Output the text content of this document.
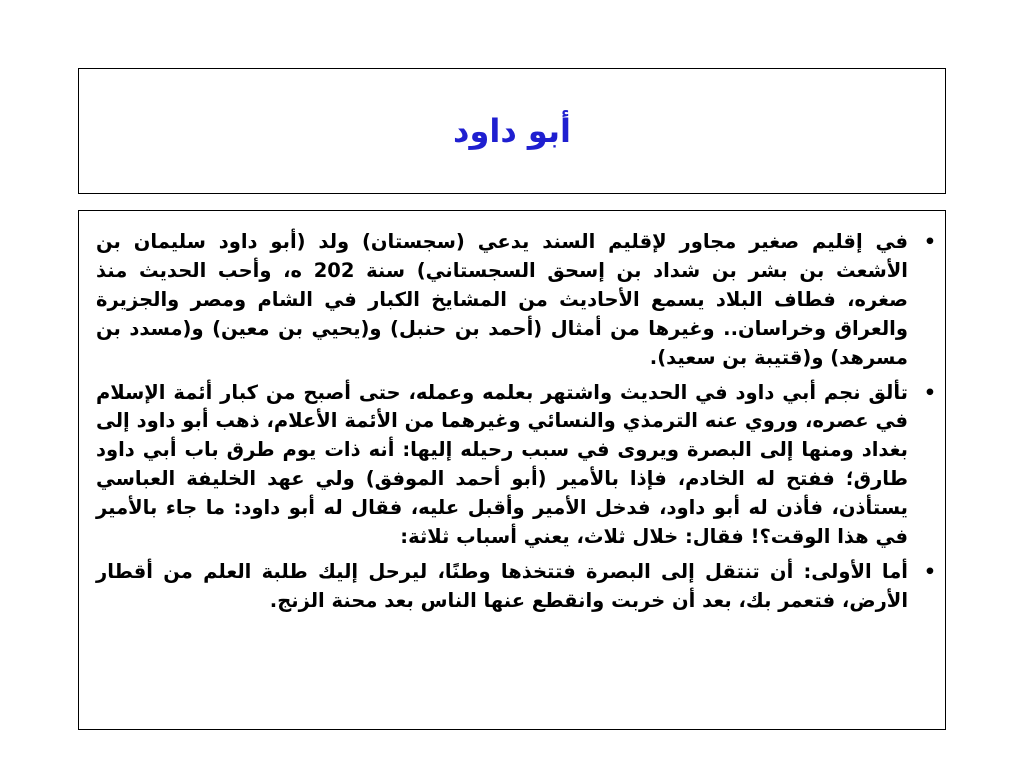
أبو داود
•
في إقليم صغير مجاور لإقليم السند يدعي (سجستان) ولد (أبو داود سليمان بن الأشعث بن بشر بن شداد بن إسحق السجستاني) سنة 202 ه، وأحب الحديث منذ صغره، فطاف البلاد يسمع الأحاديث من المشايخ الكبار في الشام ومصر والجزيرة والعراق وخراسان.. وغيرها من أمثال (أحمد بن حنبل) و(يحيي بن معين) و(مسدد بن مسرهد) و(قتيبة بن سعيد).
•
تألق نجم أبي داود في الحديث واشتهر بعلمه وعمله، حتى أصبح من كبار أئمة الإسلام في عصره، وروي عنه الترمذي والنسائي وغيرهما من الأئمة الأعلام، ذهب أبو داود إلى بغداد ومنها إلى البصرة ويروى في سبب رحيله إليها: أنه ذات يوم طرق باب أبي داود طارق؛ ففتح له الخادم، فإذا بالأمير (أبو أحمد الموفق) ولي عهد الخليفة العباسي يستأذن، فأذن له أبو داود، فدخل الأمير وأقبل عليه، فقال له أبو داود: ما جاء بالأمير في هذا الوقت؟! فقال: خلال ثلاث، يعني أسباب ثلاثة:
•
أما الأولى: أن تنتقل إلى البصرة فتتخذها وطنًا، ليرحل إليك طلبة العلم من أقطار الأرض، فتعمر بك، بعد أن خربت وانقطع عنها الناس بعد محنة الزنج.
